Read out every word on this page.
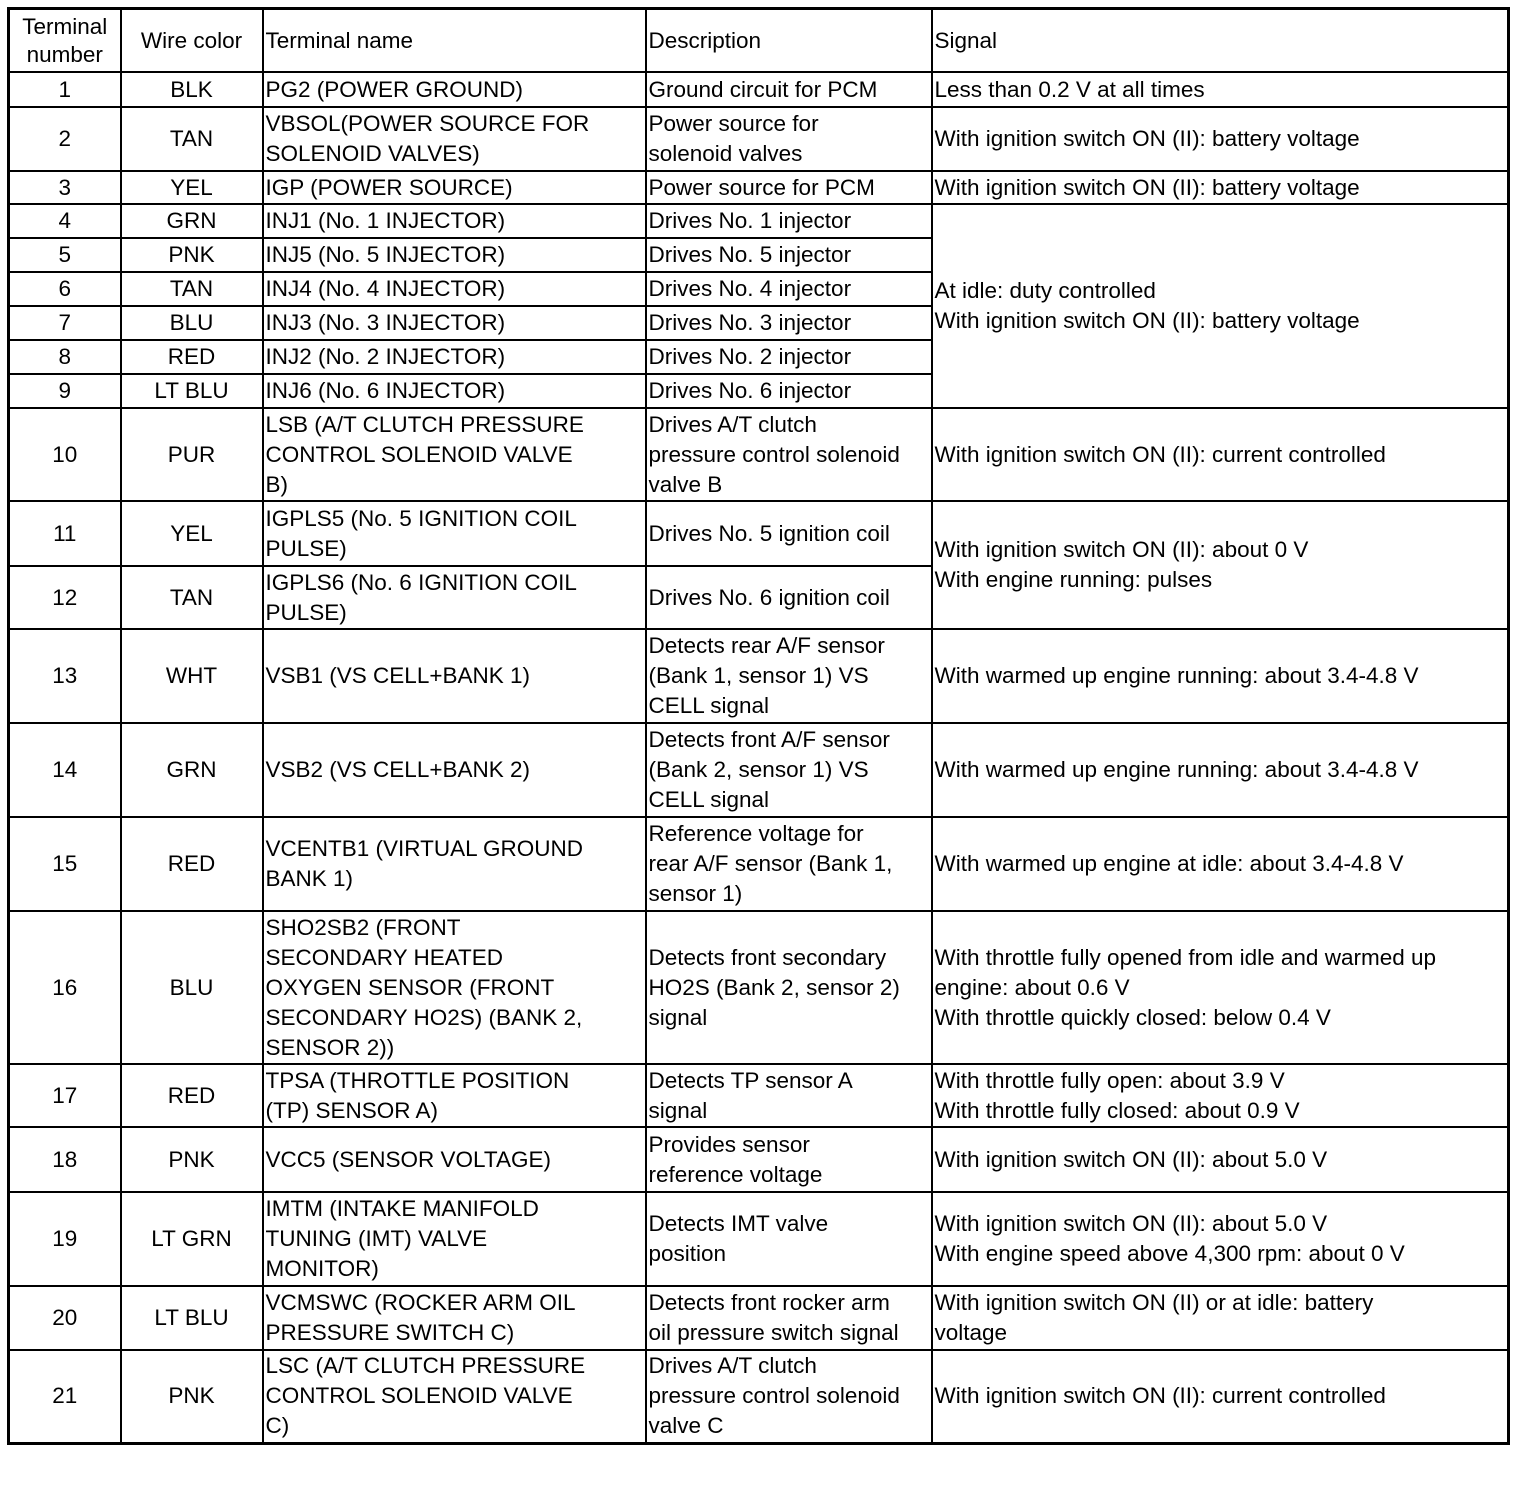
Terminal
number	Wire color	Terminal name	Description	Signal
1	BLK	PG2 (POWER GROUND)	Ground circuit for PCM	Less than 0.2 V at all times
2	TAN	VBSOL(POWER SOURCE FOR
SOLENOID VALVES)	Power source for
solenoid valves	With ignition switch ON (II): battery voltage
3	YEL	IGP (POWER SOURCE)	Power source for PCM	With ignition switch ON (II): battery voltage
4	GRN	INJ1 (No. 1 INJECTOR)	Drives No. 1 injector	At idle: duty controlled
With ignition switch ON (II): battery voltage
5	PNK	INJ5 (No. 5 INJECTOR)	Drives No. 5 injector	
6	TAN	INJ4 (No. 4 INJECTOR)	Drives No. 4 injector	
7	BLU	INJ3 (No. 3 INJECTOR)	Drives No. 3 injector	
8	RED	INJ2 (No. 2 INJECTOR)	Drives No. 2 injector	
9	LT BLU	INJ6 (No. 6 INJECTOR)	Drives No. 6 injector	
10	PUR	LSB (A/T CLUTCH PRESSURE
CONTROL SOLENOID VALVE
B)	Drives A/T clutch
pressure control solenoid
valve B	With ignition switch ON (II): current controlled
11	YEL	IGPLS5 (No. 5 IGNITION COIL
PULSE)	Drives No. 5 ignition coil	With ignition switch ON (II): about 0 V
With engine running: pulses
12	TAN	IGPLS6 (No. 6 IGNITION COIL
PULSE)	Drives No. 6 ignition coil	
13	WHT	VSB1 (VS CELL+BANK 1)	Detects rear A/F sensor
(Bank 1, sensor 1) VS
CELL signal	With warmed up engine running: about 3.4-4.8 V
14	GRN	VSB2 (VS CELL+BANK 2)	Detects front A/F sensor
(Bank 2, sensor 1) VS
CELL signal	With warmed up engine running: about 3.4-4.8 V
15	RED	VCENTB1 (VIRTUAL GROUND
BANK 1)	Reference voltage for
rear A/F sensor (Bank 1,
sensor 1)	With warmed up engine at idle: about 3.4-4.8 V
16	BLU	SHO2SB2 (FRONT
SECONDARY HEATED
OXYGEN SENSOR (FRONT
SECONDARY HO2S) (BANK 2,
SENSOR 2))	Detects front secondary
HO2S (Bank 2, sensor 2)
signal	With throttle fully opened from idle and warmed up
engine: about 0.6 V
With throttle quickly closed: below 0.4 V
17	RED	TPSA (THROTTLE POSITION
(TP) SENSOR A)	Detects TP sensor A
signal	With throttle fully open: about 3.9 V
With throttle fully closed: about 0.9 V
18	PNK	VCC5 (SENSOR VOLTAGE)	Provides sensor
reference voltage	With ignition switch ON (II): about 5.0 V
19	LT GRN	IMTM (INTAKE MANIFOLD
TUNING (IMT) VALVE
MONITOR)	Detects IMT valve
position	With ignition switch ON (II): about 5.0 V
With engine speed above 4,300 rpm: about 0 V
20	LT BLU	VCMSWC (ROCKER ARM OIL
PRESSURE SWITCH C)	Detects front rocker arm
oil pressure switch signal	With ignition switch ON (II) or at idle: battery
voltage
21	PNK	LSC (A/T CLUTCH PRESSURE
CONTROL SOLENOID VALVE
C)	Drives A/T clutch
pressure control solenoid
valve C	With ignition switch ON (II): current controlled
